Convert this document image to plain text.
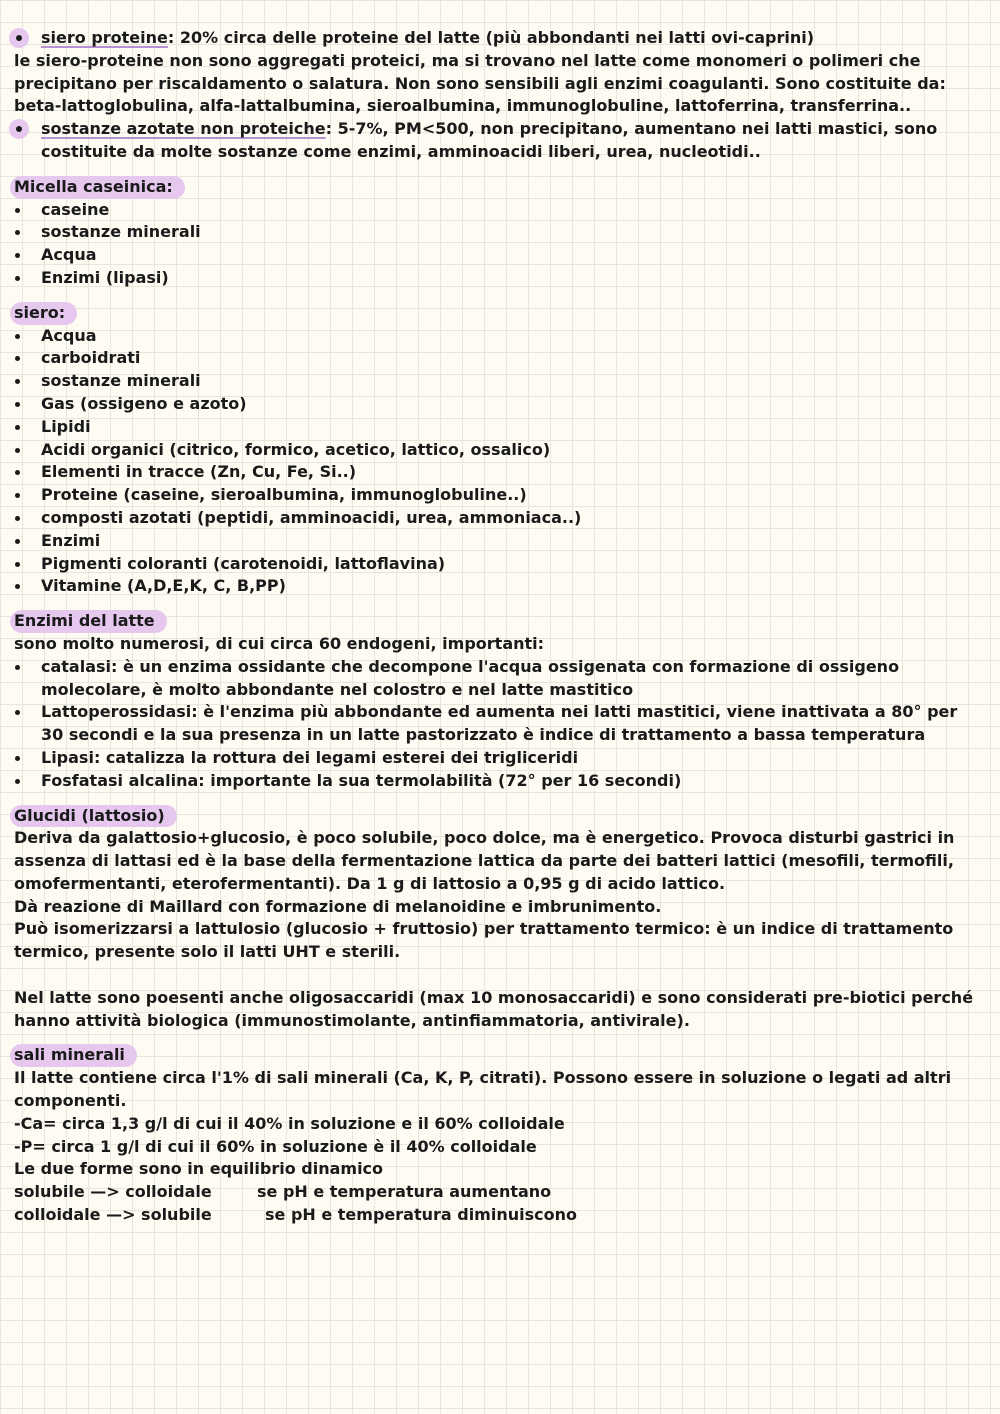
siero proteine: 20% circa delle proteine del latte (più abbondanti nei latti ovi-caprini)

le siero-proteine non sono aggregati proteici, ma si trovano nel latte come monomeri o polimeri che precipitano per riscaldamento o salatura. Non sono sensibili agli enzimi coagulanti. Sono costituite da: beta-lattoglobulina, alfa-lattalbumina, sieroalbumina, immunoglobuline, lattoferrina, transferrina..

sostanze azotate non proteiche: 5-7%, PM<500, non precipitano, aumentano nei latti mastici, sono costituite da molte sostanze come enzimi, amminoacidi liberi, urea, nucleotidi..
Micella caseinica:
caseine
sostanze minerali
Acqua
Enzimi (lipasi)
siero:
Acqua
carboidrati
sostanze minerali
Gas (ossigeno e azoto)
Lipidi
Acidi organici (citrico, formico, acetico, lattico, ossalico)
Elementi in tracce (Zn, Cu, Fe, Si..)
Proteine (caseine, sieroalbumina, immunoglobuline..)
composti azotati (peptidi, amminoacidi, urea, ammoniaca..)
Enzimi
Pigmenti coloranti (carotenoidi, lattoflavina)
Vitamine (A,D,E,K, C, B,PP)
Enzimi del latte

sono molto numerosi, di cui circa 60 endogeni, importanti:

catalasi: è un enzima ossidante che decompone l'acqua ossigenata con formazione di ossigeno molecolare, è molto abbondante nel colostro e nel latte mastitico
Lattoperossidasi: è l'enzima più abbondante ed aumenta nei latti mastitici, viene inattivata a 80° per 30 secondi e la sua presenza in un latte pastorizzato è indice di trattamento a bassa temperatura
Lipasi: catalizza la rottura dei legami esterei dei trigliceridi
Fosfatasi alcalina: importante la sua termolabilità (72° per 16 secondi)
Glucidi (lattosio)

Deriva da galattosio+glucosio, è poco solubile, poco dolce, ma è energetico. Provoca disturbi gastrici in assenza di lattasi ed è la base della fermentazione lattica da parte dei batteri lattici (mesofili, termofili, omofermentanti, eterofermentanti). Da 1 g di lattosio a 0,95 g di acido lattico.

Dà reazione di Maillard con formazione di melanoidine e imbrunimento.

Può isomerizzarsi a lattulosio (glucosio + fruttosio) per trattamento termico: è un indice di trattamento termico, presente solo il latti UHT e sterili.

Nel latte sono poesenti anche oligosaccaridi (max 10 monosaccaridi) e sono considerati pre-biotici perché hanno attività biologica (immunostimolante, antinfiammatoria, antivirale).

sali minerali

Il latte contiene circa l'1% di sali minerali (Ca, K, P, citrati). Possono essere in soluzione o legati ad altri componenti.

-Ca= circa 1,3 g/l di cui il 40% in soluzione e il 60% colloidale

-P= circa 1 g/l di cui il 60% in soluzione è il 40% colloidale

Le due forme sono in equilibrio dinamico

solubile —> colloidale	se pH e temperatura aumentano

colloidale —> solubile	se pH e temperatura diminuiscono
